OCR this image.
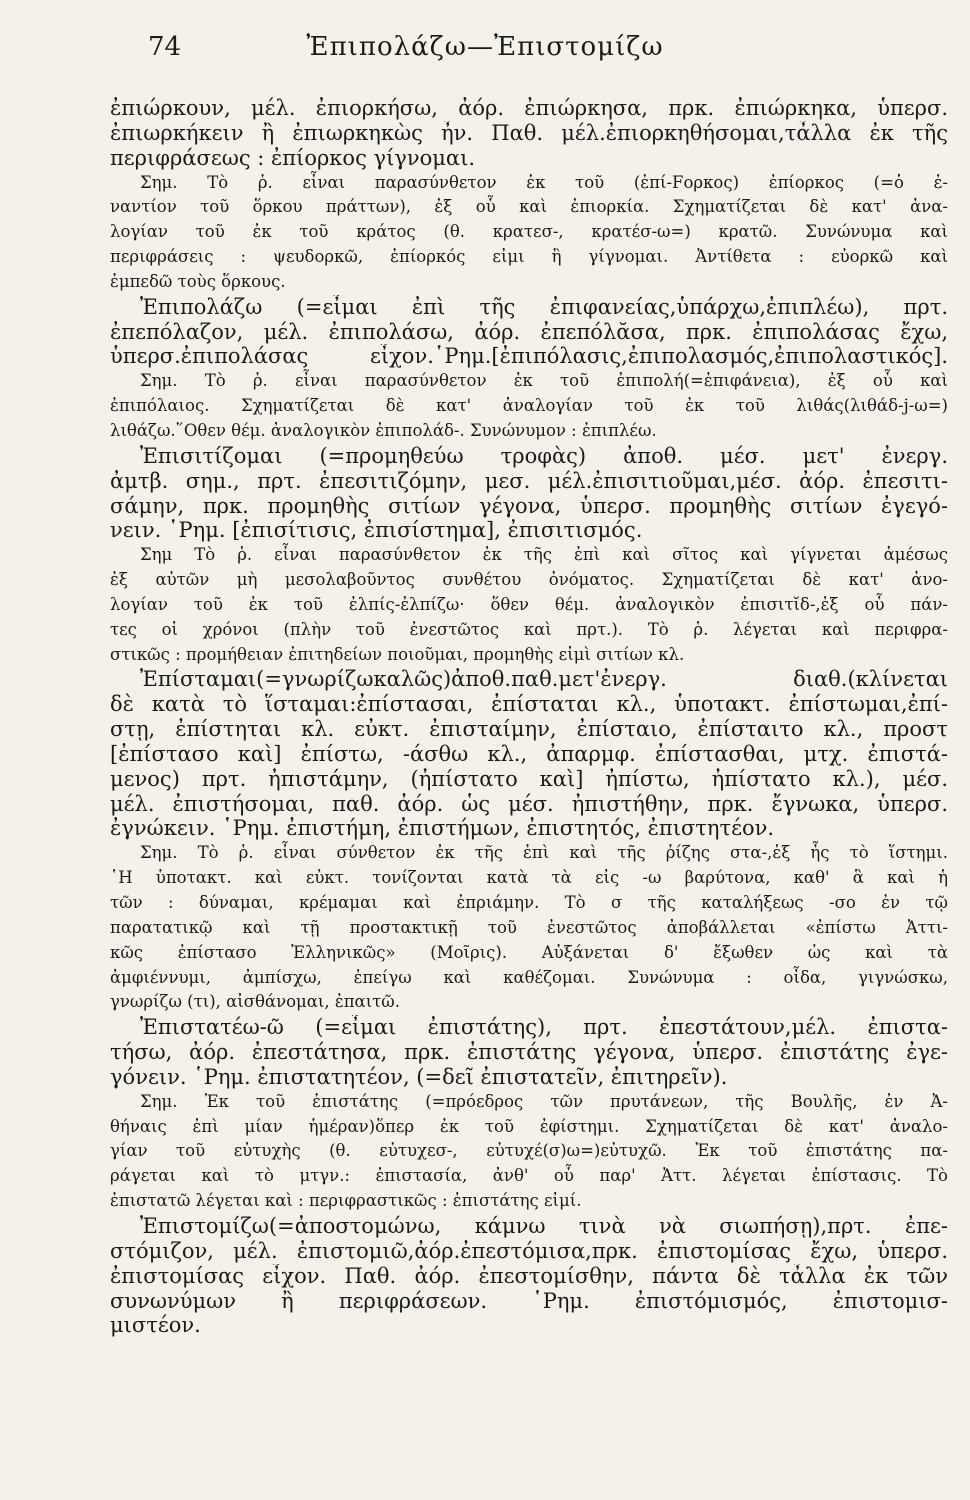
74	Ἐπιπολάζω—Ἐπιστομίζω
ἐπιώρκουν, μέλ. ἐπιορκήσω, ἀόρ. ἐπιώρκησα, πρκ. ἐπιώρκηκα, ὑπερσ.
ἐπιωρκήκειν ἢ ἐπιωρκηκὼς ἦν. Παθ. μέλ.ἐπιορκηθήσομαι,τἆλλα ἐκ τῆς
περιφράσεως : ἐπίορκος γίγνομαι.
Σημ. Τὸ ῥ. εἶναι παρασύνθετον ἐκ τοῦ (ἐπί-Fορκος) ἐπίορκος (=ὁ ἐ-
ναντίον τοῦ ὅρκου πράττων), ἐξ οὗ καὶ ἐπιορκία. Σχηματίζεται δὲ κατ' ἀνα-
λογίαν τοῦ ἐκ τοῦ κράτος (θ. κρατεσ-, κρατέσ-ω=) κρατῶ. Συνώνυμα καὶ
περιφράσεις : ψευδορκῶ, ἐπίορκός εἰμι ἢ γίγνομαι. Ἀντίθετα : εὐορκῶ καὶ
ἐμπεδῶ τοὺς ὅρκους.
Ἐπιπολάζω (=εἶμαι ἐπὶ τῆς ἐπιφανείας,ὑπάρχω,ἐπιπλέω), πρτ.
ἐπεπόλαζον, μέλ. ἐπιπολάσω, ἀόρ. ἐπεπόλᾰσα, πρκ. ἐπιπολάσας ἔχω,
ὑπερσ.ἐπιπολάσας εἶχον.῾Ρημ.[ἐπιπόλασις,ἐπιπολασμός,ἐπιπολαστικός].
Σημ. Τὸ ῥ. εἶναι παρασύνθετον ἐκ τοῦ ἐπιπολή(=ἐπιφάνεια), ἐξ οὗ καὶ
ἐπιπόλαιος. Σχηματίζεται δὲ κατ' ἀναλογίαν τοῦ ἐκ τοῦ λιθάς(λιθάδ-j-ω=)
λιθάζω.῞Οθεν θέμ. ἀναλογικὸν ἐπιπολάδ-. Συνώνυμον : ἐπιπλέω.
Ἐπισιτίζομαι (=προμηθεύω τροφὰς) ἀποθ. μέσ. μετ' ἐνεργ.
ἀμτβ. σημ., πρτ. ἐπεσιτιζόμην, μεσ. μέλ.ἐπισιτιοῦμαι,μέσ. ἀόρ. ἐπεσιτι-
σάμην, πρκ. προμηθὴς σιτίων γέγονα, ὑπερσ. προμηθὴς σιτίων ἐγεγό-
νειν. ῾Ρημ. [ἐπισίτισις, ἐπισίστημα], ἐπισιτισμός.
Σημ Τὸ ῥ. εἶναι παρασύνθετον ἐκ τῆς ἐπὶ καὶ σῖτος καὶ γίγνεται ἀμέσως
ἐξ αὐτῶν μὴ μεσολαβοῦντος συνθέτου ὀνόματος. Σχηματίζεται δὲ κατ' ἀνο-
λογίαν τοῦ ἐκ τοῦ ἐλπίς-ἐλπίζω· ὅθεν θέμ. ἀναλογικὸν ἐπισιτῐδ-,ἐξ οὗ πάν-
τες οἱ χρόνοι (πλὴν τοῦ ἐνεστῶτος καὶ πρτ.). Τὸ ῥ. λέγεται καὶ περιφρα-
στικῶς : προμήθειαν ἐπιτηδείων ποιοῦμαι, προμηθὴς εἰμὶ σιτίων κλ.
Ἐπίσταμαι(=γνωρίζωκαλῶς)ἀποθ.παθ.μετ'ἐνεργ. διαθ.(κλίνεται
δὲ κατὰ τὸ ἵσταμαι:ἐπίστασαι, ἐπίσταται κλ., ὑποτακτ. ἐπίστωμαι,ἐπί-
στῃ, ἐπίστηται κλ. εὐκτ. ἐπισταίμην, ἐπίσταιο, ἐπίσταιτο κλ., προστ
[ἐπίστασο καὶ] ἐπίστω, -άσθω κλ., ἀπαρμφ. ἐπίστασθαι, μτχ. ἐπιστά-
μενος) πρτ. ἠπιστάμην, (ἠπίστατο καὶ] ἠπίστω, ἠπίστατο κλ.), μέσ.
μέλ. ἐπιστήσομαι, παθ. ἀόρ. ὡς μέσ. ἠπιστήθην, πρκ. ἔγνωκα, ὑπερσ.
ἐγνώκειν. ῾Ρημ. ἐπιστήμη, ἐπιστήμων, ἐπιστητός, ἐπιστητέον.
Σημ. Τὸ ῥ. εἶναι σύνθετον ἐκ τῆς ἐπὶ καὶ τῆς ῥίζης στα-,ἐξ ἧς τὸ ἵστημι.
῾Η ὑποτακτ. καὶ εὐκτ. τονίζονται κατὰ τὰ εἰς -ω βαρύτονα, καθ' ἃ καὶ ἡ
τῶν : δύναμαι, κρέμαμαι καὶ ἐπριάμην. Τὸ σ τῆς καταλήξεως -σο ἐν τῷ
παρατατικῷ καὶ τῇ προστακτικῇ τοῦ ἐνεστῶτος ἀποβάλλεται «ἐπίστω Ἀττι-
κῶς ἐπίστασο Ἑλληνικῶς» (Μοῖρις). Αὐξάνεται δ' ἔξωθεν ὡς καὶ τὰ
ἀμφιέννυμι, ἀμπίσχω, ἐπείγω καὶ καθέζομαι. Συνώνυμα : οἶδα, γιγνώσκω,
γνωρίζω (τι), αἰσθάνομαι, ἐπαιτῶ.
Ἐπιστατέω-ῶ (=εἶμαι ἐπιστάτης), πρτ. ἐπεστάτουν,μέλ. ἐπιστα-
τήσω, ἀόρ. ἐπεστάτησα, πρκ. ἐπιστάτης γέγονα, ὑπερσ. ἐπιστάτης ἐγε-
γόνειν. ῾Ρημ. ἐπιστατητέον, (=δεῖ ἐπιστατεῖν, ἐπιτηρεῖν).
Σημ. Ἐκ τοῦ ἐπιστάτης (=πρόεδρος τῶν πρυτάνεων, τῆς Βουλῆς, ἐν Ἀ-
θήναις ἐπὶ μίαν ἡμέραν)ὅπερ ἐκ τοῦ ἐφίστημι. Σχηματίζεται δὲ κατ' ἀναλο-
γίαν τοῦ εὐτυχὴς (θ. εὐτυχεσ-, εὐτυχέ(σ)ω=)εὐτυχῶ. Ἐκ τοῦ ἐπιστάτης πα-
ράγεται καὶ τὸ μτγν.: ἐπιστασία, ἀνθ' οὗ παρ' Ἀττ. λέγεται ἐπίστασις. Τὸ
ἐπιστατῶ λέγεται καὶ : περιφραστικῶς : ἐπιστάτης εἰμί.
Ἐπιστομίζω(=ἀποστομώνω, κάμνω τινὰ νὰ σιωπήσῃ),πρτ. ἐπε-
στόμιζον, μέλ. ἐπιστομιῶ,ἀόρ.ἐπεστόμισα,πρκ. ἐπιστομίσας ἔχω, ὑπερσ.
ἐπιστομίσας εἶχον. Παθ. ἀόρ. ἐπεστομίσθην, πάντα δὲ τἆλλα ἐκ τῶν
συνωνύμων ἢ περιφράσεων. ῾Ρημ. ἐπιστόμισμός, ἐπιστομισ-
μιστέον.
